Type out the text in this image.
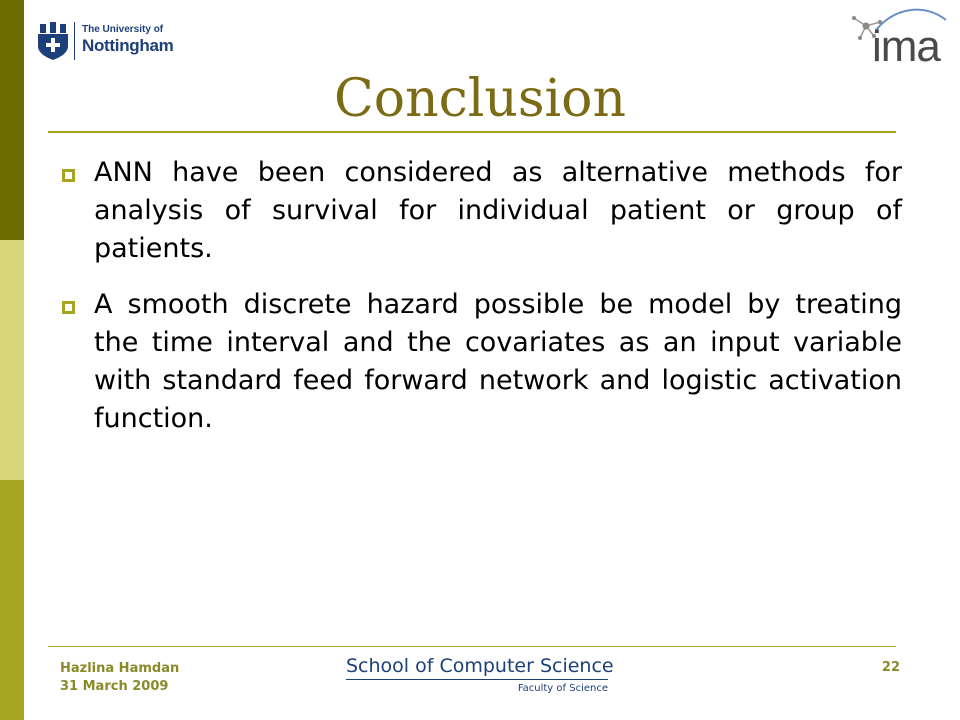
The University of
Nottingham	ima
Conclusion
ANN have been considered as alternative methods for analysis of survival for individual patient or group of patients.
A smooth discrete hazard possible be model by treating the time interval and the covariates as an input variable with standard feed forward network and logistic activation function.
Hazlina Hamdan
31 March 2009
School of Computer Science
Faculty of Science
22
